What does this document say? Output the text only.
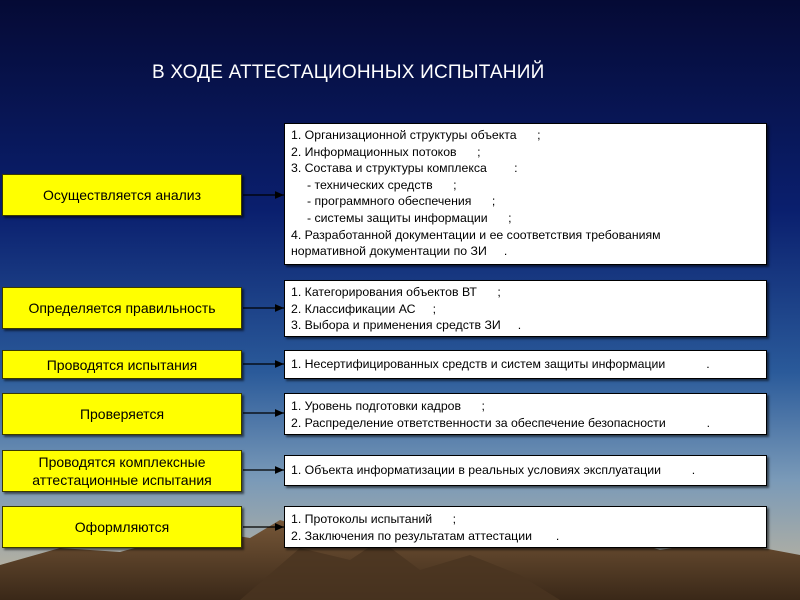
В ХОДЕ АТТЕСТАЦИОННЫХ ИСПЫТАНИЙ
Осуществляется анализ
1. Организационной структуры объекта      ;
2. Информационных потоков      ;
3. Состава и структуры комплекса        :
- технических средств      ;
- программного обеспечения      ;
- системы защиты информации      ;
4. Разработанной документации и ее соответствия требованиям
нормативной документации по ЗИ     .
Определяется правильность
1. Категорирования объектов ВТ      ;
2. Классификации АС     ;
3. Выбора и применения средств ЗИ     .
Проводятся испытания	1. Несертифицированных средств и систем защиты информации            .
Проверяется	1. Уровень подготовки кадров      ;
2. Распределение ответственности за обеспечение безопасности            .
Проводятся комплексные аттестационные испытания
1. Объекта информатизации в реальных условиях эксплуатации         .
Оформляются	1. Протоколы испытаний      ;
2. Заключения по результатам аттестации       .
